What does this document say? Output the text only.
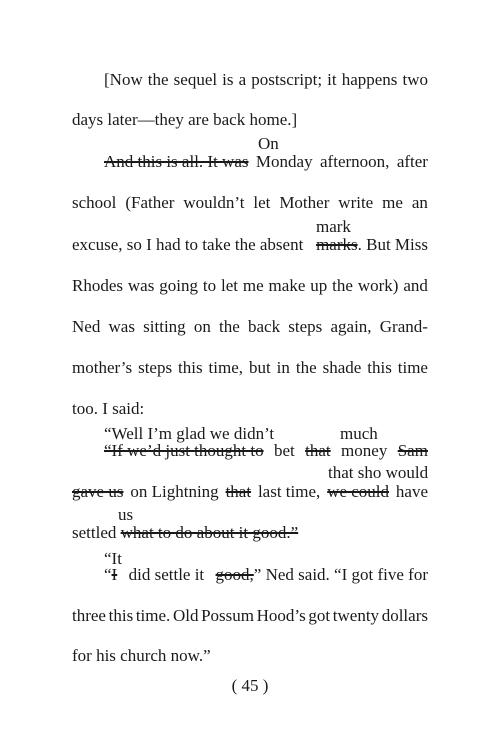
[Now the sequel is a postscript; it happens two
days later—they are back home.]
On
And this is all. It was Monday afternoon, after
school (Father wouldn’t let Mother write me an
mark
excuse, so I had to take the absent marks. But Miss
Rhodes was going to let me make up the work) and
Ned was sitting on the back steps again, Grand-
mother’s steps this time, but in the shade this time
too. I said:
“Well I’m glad we didn’t	much
“If we’d just thought to bet that money Sam
that sho would
gave us on Lightning that last time, we could have
us
settled what to do about it good.”
“It
“I did settle it good,” Ned said. “I got five for
three this time. Old Possum Hood’s got twenty dollars
for his church now.”
( 45 )
